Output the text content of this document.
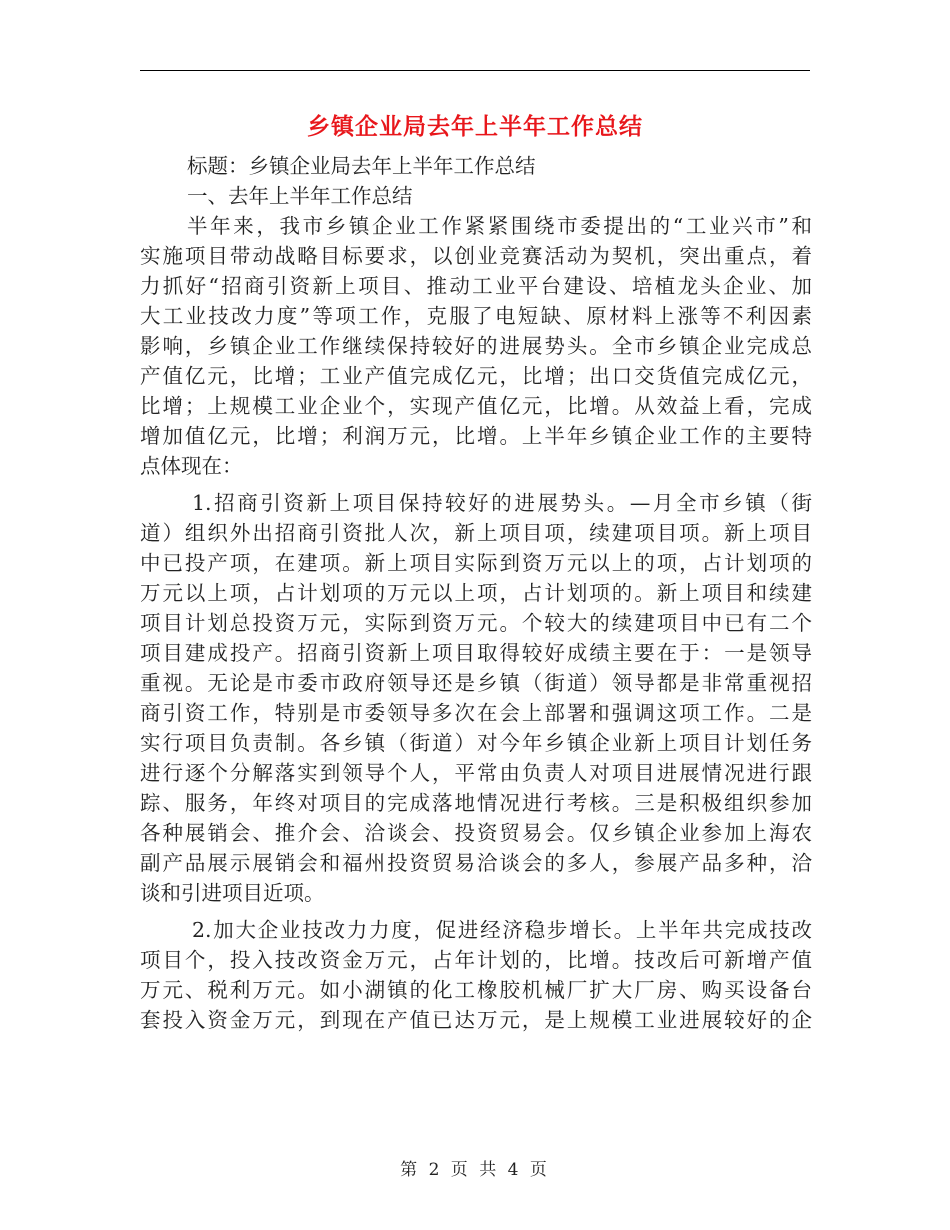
乡镇企业局去年上半年工作总结
标题：乡镇企业局去年上半年工作总结
一、去年上半年工作总结
半年来，我市乡镇企业工作紧紧围绕市委提出的“工业兴市”和
实施项目带动战略目标要求，以创业竞赛活动为契机，突出重点，着
力抓好“招商引资新上项目、推动工业平台建设、培植龙头企业、加
大工业技改力度”等项工作，克服了电短缺、原材料上涨等不利因素
影响，乡镇企业工作继续保持较好的进展势头。全市乡镇企业完成总
产值亿元，比增；工业产值完成亿元，比增；出口交货值完成亿元，
比增；上规模工业企业个，实现产值亿元，比增。从效益上看，完成
增加值亿元，比增；利润万元，比增。上半年乡镇企业工作的主要特
点体现在：
1.招商引资新上项目保持较好的进展势头。—月全市乡镇（街
道）组织外出招商引资批人次，新上项目项，续建项目项。新上项目
中已投产项，在建项。新上项目实际到资万元以上的项，占计划项的
万元以上项，占计划项的万元以上项，占计划项的。新上项目和续建
项目计划总投资万元，实际到资万元。个较大的续建项目中已有二个
项目建成投产。招商引资新上项目取得较好成绩主要在于：一是领导
重视。无论是市委市政府领导还是乡镇（街道）领导都是非常重视招
商引资工作，特别是市委领导多次在会上部署和强调这项工作。二是
实行项目负责制。各乡镇（街道）对今年乡镇企业新上项目计划任务
进行逐个分解落实到领导个人，平常由负责人对项目进展情况进行跟
踪、服务，年终对项目的完成落地情况进行考核。三是积极组织参加
各种展销会、推介会、洽谈会、投资贸易会。仅乡镇企业参加上海农
副产品展示展销会和福州投资贸易洽谈会的多人，参展产品多种，洽
谈和引进项目近项。
2.加大企业技改力力度，促进经济稳步增长。上半年共完成技改
项目个，投入技改资金万元，占年计划的，比增。技改后可新增产值
万元、税利万元。如小湖镇的化工橡胶机械厂扩大厂房、购买设备台
套投入资金万元，到现在产值已达万元，是上规模工业进展较好的企
第 2 页 共 4 页
